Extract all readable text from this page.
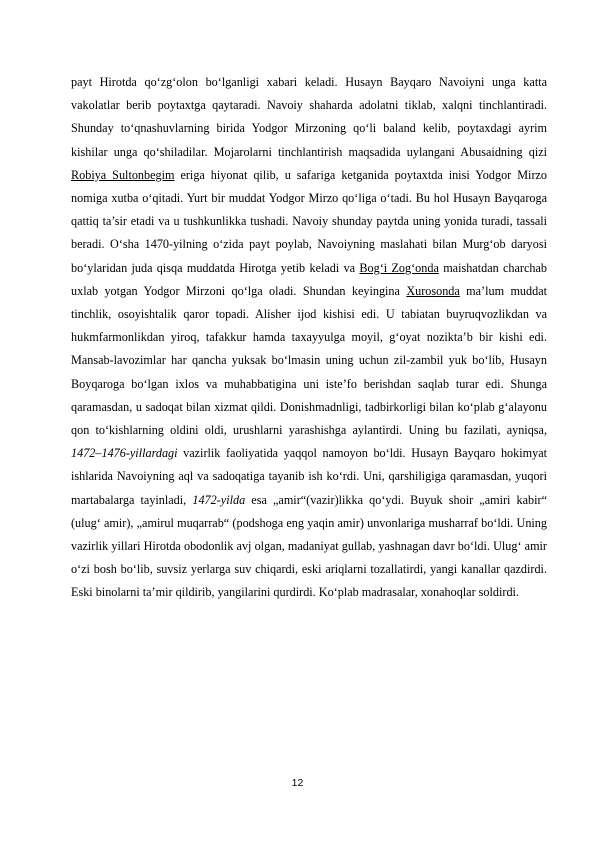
payt Hirotda qo‘zg‘olon bo‘lganligi xabari keladi. Husayn Bayqaro Navoiyni unga katta vakolatlar berib poytaxtga qaytaradi. Navoiy shaharda adolatni tiklab, xalqni tinchlantiradi. Shunday to‘qnashuvlarning birida Yodgor Mirzoning qo‘li baland kelib, poytaxdagi ayrim kishilar unga qo‘shiladilar. Mojarolarni tinchlantirish maqsadida uylangani Abusaidning qizi Robiya Sultonbegim eriga hiyonat qilib, u safariga ketganida poytaxtda inisi Yodgor Mirzo nomiga xutba o‘qitadi. Yurt bir muddat Yodgor Mirzo qo‘liga o‘tadi. Bu hol Husayn Bayqaroga qattiq ta’sir etadi va u tushkunlikka tushadi. Navoiy shunday paytda uning yonida turadi, tassali beradi. O‘sha 1470-yilning o‘zida payt poylab, Navoiyning maslahati bilan Murg‘ob daryosi bo‘ylaridan juda qisqa muddatda Hirotga yetib keladi va Bog‘i Zog‘onda maishatdan charchab uxlab yotgan Yodgor Mirzoni qo‘lga oladi. Shundan keyingina Xurosonda ma’lum muddat tinchlik, osoyishtalik qaror topadi. Alisher ijod kishisi edi. U tabiatan buyruqvozlikdan va hukmfarmonlikdan yiroq, tafakkur hamda taxayyulga moyil, g‘oyat nozikta’b bir kishi edi. Mansab-lavozimlar har qancha yuksak bo‘lmasin uning uchun zil-zambil yuk bo‘lib, Husayn Boyqaroga bo‘lgan ixlos va muhabbatigina uni iste’fo berishdan saqlab turar edi. Shunga qaramasdan, u sadoqat bilan xizmat qildi. Donishmadnligi, tadbirkorligi bilan ko‘plab g‘alayonu qon to‘kishlarning oldini oldi, urushlarni yarashishga aylantirdi. Uning bu fazilati, ayniqsa, 1472–1476-yillardagi vazirlik faoliyatida yaqqol namoyon bo‘ldi. Husayn Bayqaro hokimyat ishlarida Navoiyning aql va sadoqatiga tayanib ish ko‘rdi. Uni, qarshiligiga qaramasdan, yuqori martabalarga tayinladi, 1472-yilda esa „amir“(vazir)likka qo‘ydi. Buyuk shoir „amiri kabir“ (ulug‘ amir), „amirul muqarrab“ (podshoga eng yaqin amir) unvonlariga musharraf bo‘ldi. Uning vazirlik yillari Hirotda obodonlik avj olgan, madaniyat gullab, yashnagan davr bo‘ldi. Ulug‘ amir o‘zi bosh bo‘lib, suvsiz yerlarga suv chiqardi, eski ariqlarni tozallatirdi, yangi kanallar qazdirdi. Eski binolarni ta’mir qildirib, yangilarini qurdirdi. Ko‘plab madrasalar, xonahoqlar soldirdi.

12
